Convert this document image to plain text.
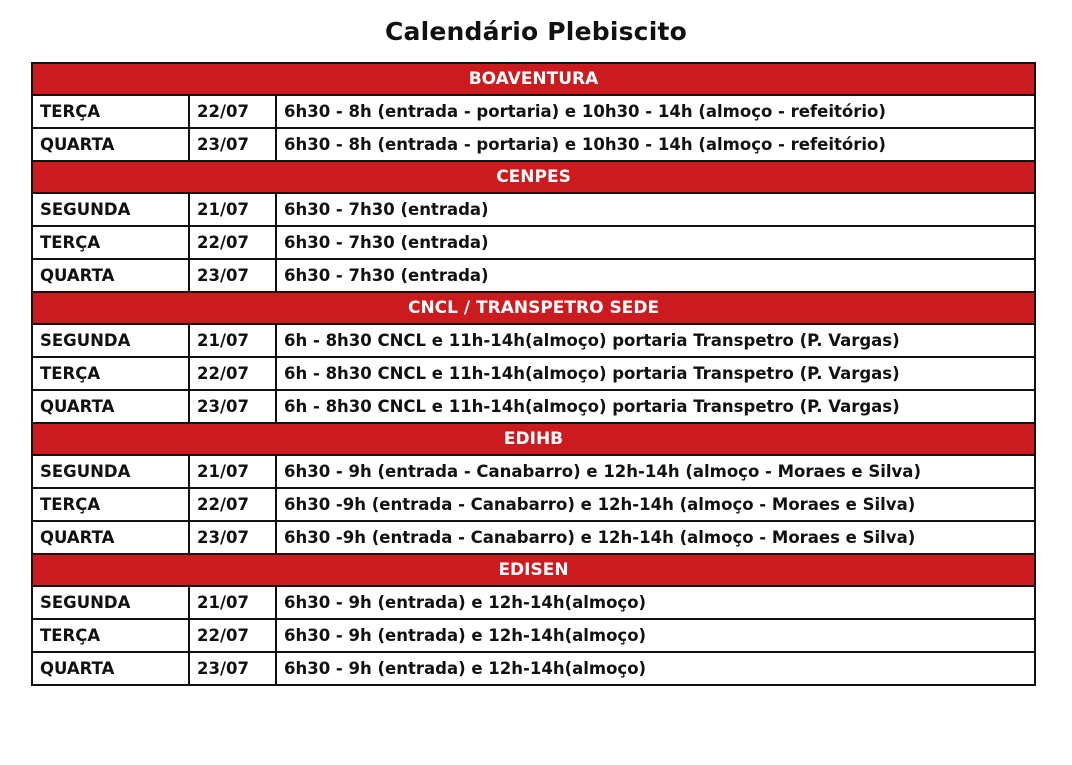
Calendário Plebiscito
BOAVENTURA		
TERÇA	22/07	6h30 - 8h (entrada - portaria) e 10h30 - 14h (almoço - refeitório)
QUARTA	23/07	6h30 - 8h (entrada - portaria) e 10h30 - 14h (almoço - refeitório)
CENPES		
SEGUNDA	21/07	6h30 - 7h30 (entrada)
TERÇA	22/07	6h30 - 7h30 (entrada)
QUARTA	23/07	6h30 - 7h30 (entrada)
CNCL / TRANSPETRO SEDE		
SEGUNDA	21/07	6h - 8h30 CNCL e 11h-14h(almoço) portaria Transpetro (P. Vargas)
TERÇA	22/07	6h - 8h30 CNCL e 11h-14h(almoço) portaria Transpetro (P. Vargas)
QUARTA	23/07	6h - 8h30 CNCL e 11h-14h(almoço) portaria Transpetro (P. Vargas)
EDIHB		
SEGUNDA	21/07	6h30 - 9h (entrada - Canabarro) e 12h-14h (almoço - Moraes e Silva)
TERÇA	22/07	6h30 -9h (entrada - Canabarro) e 12h-14h (almoço - Moraes e Silva)
QUARTA	23/07	6h30 -9h (entrada - Canabarro) e 12h-14h (almoço - Moraes e Silva)
EDISEN		
SEGUNDA	21/07	6h30 - 9h (entrada) e 12h-14h(almoço)
TERÇA	22/07	6h30 - 9h (entrada) e 12h-14h(almoço)
QUARTA	23/07	6h30 - 9h (entrada) e 12h-14h(almoço)
